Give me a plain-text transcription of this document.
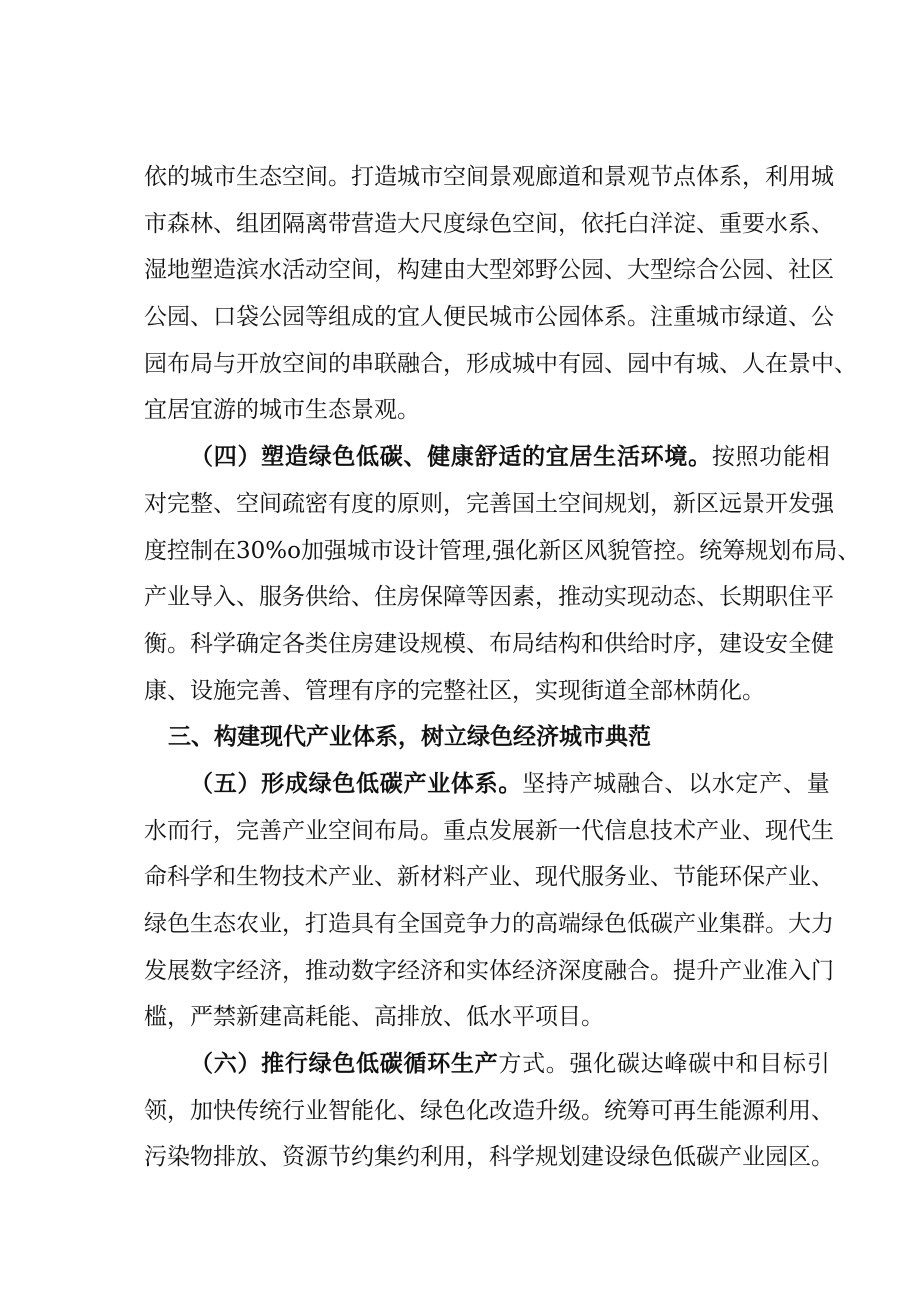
依 的 城 市 生 态 空 间 。 打 造 城 市 空 间 景 观 廊 道 和 景 观 节 点 体 系 ， 利 用 城
市 森 林 、 组 团 隔 离 带 营 造 大 尺 度 绿 色 空 间 ， 依 托 白 洋 淀 、 重 要 水 系 、
湿 地 塑 造 滨 水 活 动 空 间 ， 构 建 由 大 型 郊 野 公 园 、 大 型 综 合 公 园 、 社 区
公 园 、 口 袋 公 园 等 组 成 的 宜 人 便 民 城 市 公 园 体 系 。 注 重 城 市 绿 道 、 公
园 布 局 与 开 放 空 间 的 串 联 融 合 ， 形 成 城 中 有 园 、 园 中 有 城 、 人 在 景 中 、
宜居宜游的城市生态景观。
（ 四 ） 塑 造 绿 色 低 碳 、 健 康 舒 适 的 宜 居 生 活 环 境 。 按 照 功 能 相
对 完 整 、 空 间 疏 密 有 度 的 原 则 ， 完 善 国 土 空 间 规 划 ， 新 区 远 景 开 发 强
度 控 制 在 30%o 加 强 城 市 设 计 管 理 , 强 化 新 区 风 貌 管 控 。 统 筹 规 划 布 局 、
产 业 导 入 、 服 务 供 给 、 住 房 保 障 等 因 素 ， 推 动 实 现 动 态 、 长 期 职 住 平
衡 。 科 学 确 定 各 类 住 房 建 设 规 模 、 布 局 结 构 和 供 给 时 序 ， 建 设 安 全 健
康、设施完善、管理有序的完整社区，实现街道全部林荫化。
三、构建现代产业体系，树立绿色经济城市典范
（ 五 ） 形 成 绿 色 低 碳 产 业 体 系 。 坚 持 产 城 融 合 、 以 水 定 产 、 量
水 而 行 ， 完 善 产 业 空 间 布 局 。 重 点 发 展 新 一 代 信 息 技 术 产 业 、 现 代 生
命 科 学 和 生 物 技 术 产 业 、 新 材 料 产 业 、 现 代 服 务 业 、 节 能 环 保 产 业 、
绿 色 生 态 农 业 ， 打 造 具 有 全 国 竞 争 力 的 高 端 绿 色 低 碳 产 业 集 群 。 大 力
发 展 数 字 经 济 ， 推 动 数 字 经 济 和 实 体 经 济 深 度 融 合 。 提 升 产 业 准 入 门
槛，严禁新建高耗能、高排放、低水平项目。
（ 六 ） 推 行 绿 色 低 碳 循 环 生 产 方 式 。 强 化 碳 达 峰 碳 中 和 目 标 引
领 ， 加 快 传 统 行 业 智 能 化 、 绿 色 化 改 造 升 级 。 统 筹 可 再 生 能 源 利 用 、
污 染 物 排 放 、 资 源 节 约 集 约 利 用 ， 科 学 规 划 建 设 绿 色 低 碳 产 业 园 区 。
